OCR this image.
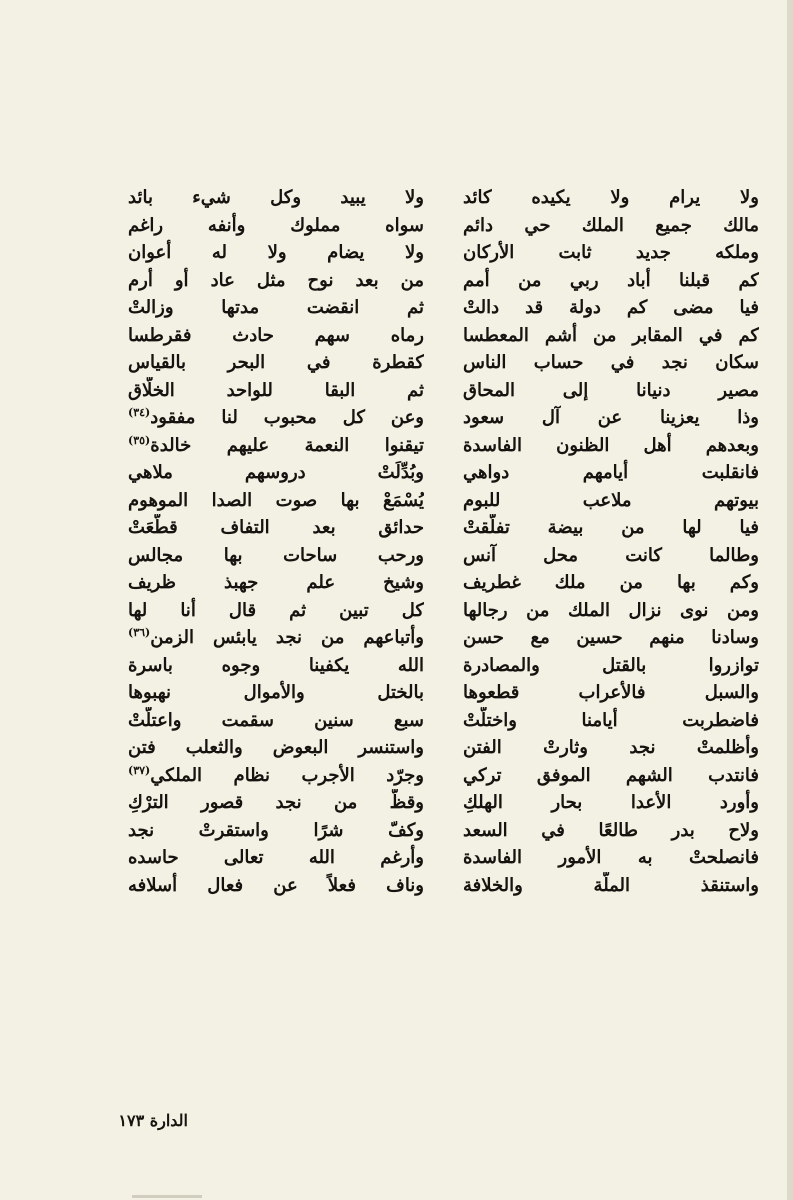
ولا يرام ولا يكيده كائد
مالك جميع الملك حي دائم
وملكه جديد ثابت الأركان
كم قبلنا أباد ربي من أمم
فيا مضى كم دولة قد دالتْ
كم في المقابر من أشم المعطسا
سكان نجد في حساب الناس
مصير دنيانا إلى المحاق
وذا يعزينا عن آل سعود
وبعدهم أهل الظنون الفاسدة
فانقلبت أيامهم دواهي
بيوتهم ملاعب للبوم
فيا لها من بيضة تفلّقتْ
وطالما كانت محل آنس
وكم بها من ملك غطريف
ومن نوى نزال الملك من رجالها
وسادنا منهم حسين مع حسن
توازروا بالقتل والمصادرة
والسبل فالأعراب قطعوها
فاضطربت أيامنا واختلّتْ
وأظلمتْ نجد وثارتْ الفتن
فانتدب الشهم الموفق تركي
وأورد الأعدا بحار الهلكِ
ولاح بدر طالعًا في السعد
فانصلحتْ به الأمور الفاسدة
واستنقذ الملّة والخلافة
ولا يبيد وكل شيء بائد
سواه مملوك وأنفه راغم
ولا يضام ولا له أعوان
من بعد نوح مثل عاد أو أرم
ثم انقضت مدتها وزالتْ
رماه سهم حادث فقرطسا
كقطرة في البحر بالقياس
ثم البقا للواحد الخلّاق
وعن كل محبوب لنا مفقود$^{(٣٤)}$
تيقنوا النعمة عليهم خالدة$^{(٣٥)}$
وبُدِّلَتْ دروسهم ملاهي
يُسْمَعْ بها صوت الصدا الموهوم
حدائق بعد التفاف قطّعَتْ
ورحب ساحات بها مجالس
وشيخ علم جهبذ ظريف
كل تبين ثم قال أنا لها
وأتباعهم من نجد يابئس الزمن$^{(٣٦)}$
الله يكفينا وجوه باسرة
بالختل والأموال نهبوها
سبع سنين سقمت واعتلّتْ
واستنسر البعوض والثعلب فتن
وجرّد الأجرب نظام الملكي$^{(٣٧)}$
وقظّ من نجد قصور الترْكِ
وكفّ شرًا واستقرتْ نجد
وأرغم الله تعالى حاسده
وناف فعلاً عن فعال أسلافه
الدارة ١٧٣
